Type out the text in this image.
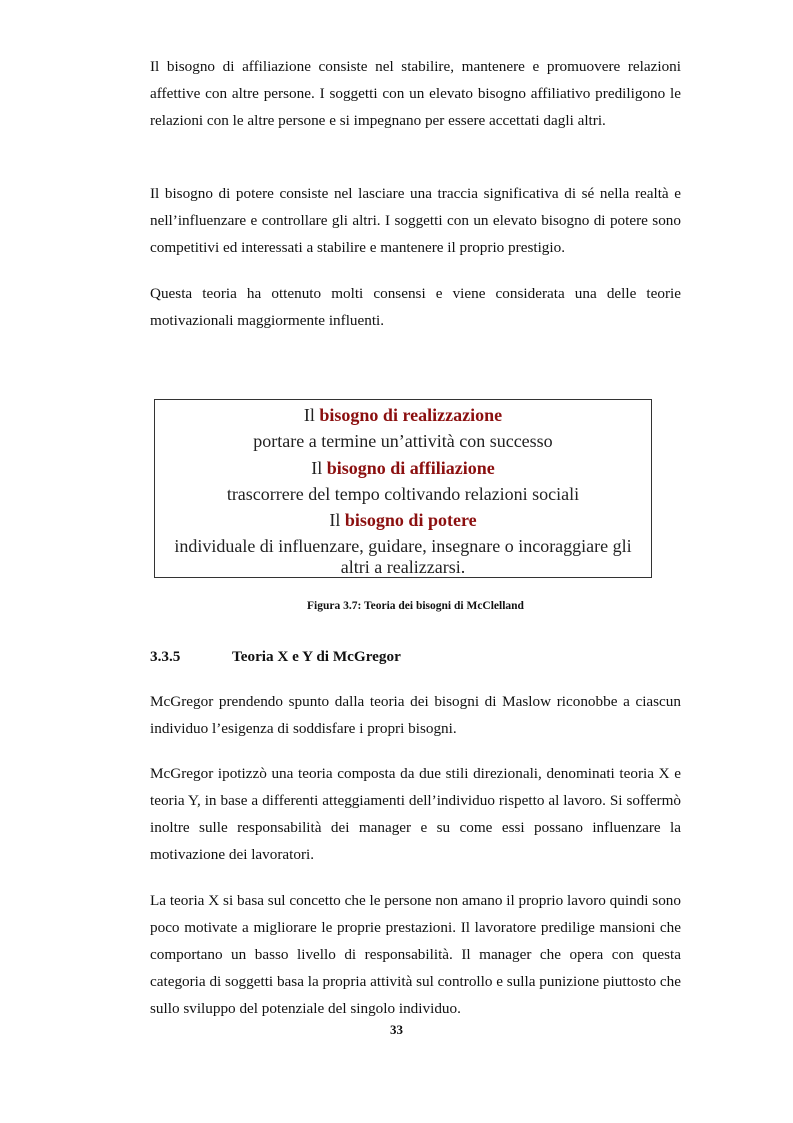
Il bisogno di affiliazione consiste nel stabilire, mantenere e promuovere relazioni affettive con altre persone. I soggetti con un elevato bisogno affiliativo prediligono le relazioni con le altre persone e si impegnano per essere accettati dagli altri.

Il bisogno di potere consiste nel lasciare una traccia significativa di sé nella realtà e nell’influenzare e controllare gli altri. I soggetti con un elevato bisogno di potere sono competitivi ed interessati a stabilire e mantenere il proprio prestigio.

Questa teoria ha ottenuto molti consensi e viene considerata una delle teorie motivazionali maggiormente influenti.

Il bisogno di realizzazione
portare a termine un’attività con successo
Il bisogno di affiliazione
trascorrere del tempo coltivando relazioni sociali
Il bisogno di potere
individuale di influenzare, guidare, insegnare o incoraggiare gli
altri a realizzarsi.
Figura 3.7: Teoria dei bisogni di McClelland
3.3.5	Teoria X e Y di McGregor

McGregor prendendo spunto dalla teoria dei bisogni di Maslow riconobbe a ciascun individuo l’esigenza di soddisfare i propri bisogni.

McGregor ipotizzò una teoria composta da due stili direzionali, denominati teoria X e teoria Y, in base a differenti atteggiamenti dell’individuo rispetto al lavoro. Si soffermò inoltre sulle responsabilità dei manager e su come essi possano influenzare la motivazione dei lavoratori.

La teoria X si basa sul concetto che le persone non amano il proprio lavoro quindi sono poco motivate a migliorare le proprie prestazioni. Il lavoratore predilige mansioni che comportano un basso livello di responsabilità. Il manager che opera con questa categoria di soggetti basa la propria attività sul controllo e sulla punizione piuttosto che sullo sviluppo del potenziale del singolo individuo.

33
